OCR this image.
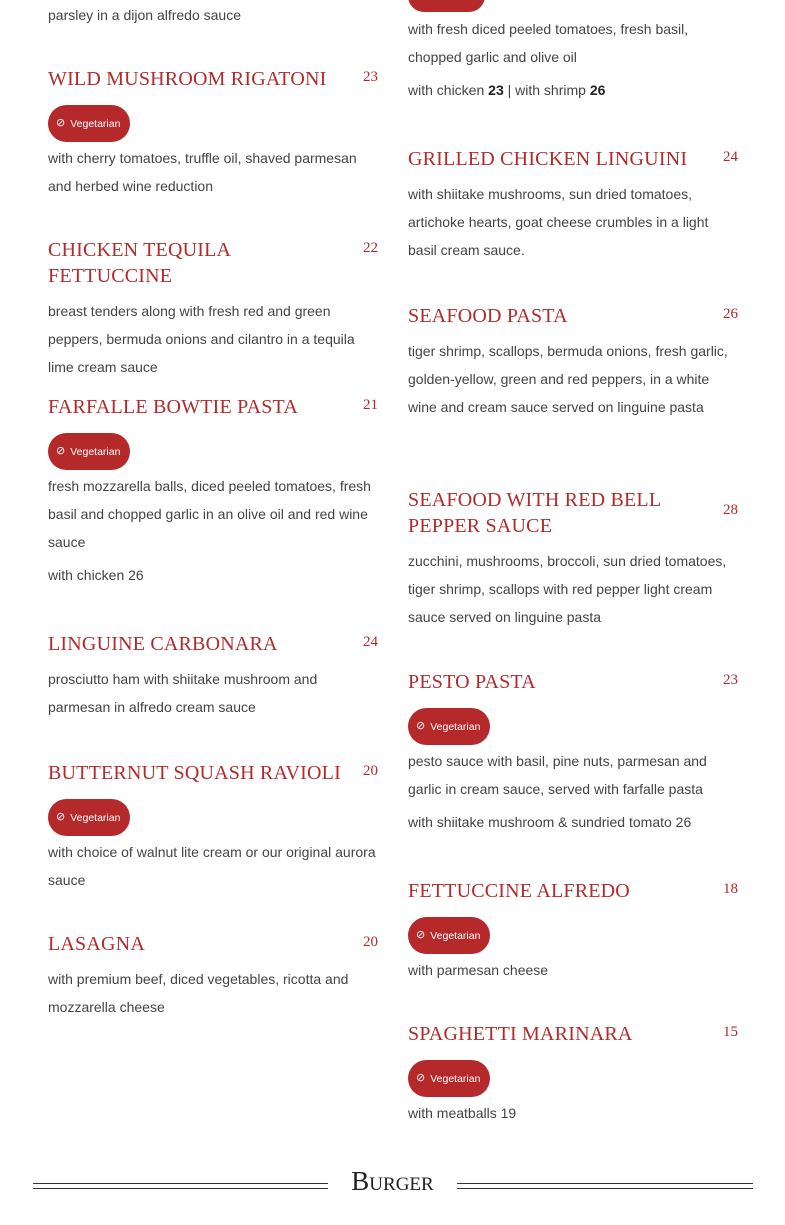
parsley in a dijon alfredo sauce

with fresh diced peeled tomatoes, fresh basil, chopped garlic and olive oil

with chicken 23 | with shrimp 26

WILD MUSHROOM RIGATONI 23
⊘ Vegetarian

with cherry tomatoes, truffle oil, shaved parmesan and herbed wine reduction

CHICKEN TEQUILA FETTUCCINE
22

breast tenders along with fresh red and green peppers, bermuda onions and cilantro in a tequila lime cream sauce

FARFALLE BOWTIE PASTA	21
⊘ Vegetarian

fresh mozzarella balls, diced peeled tomatoes, fresh basil and chopped garlic in an olive oil and red wine sauce

with chicken 26

LINGUINE CARBONARA	24

prosciutto ham with shiitake mushroom and parmesan in alfredo cream sauce

BUTTERNUT SQUASH RAVIOLI 20
⊘ Vegetarian

with choice of walnut lite cream or our original aurora sauce

LASAGNA	20

with premium beef, diced vegetables, ricotta and mozzarella cheese

GRILLED CHICKEN LINGUINI 24

with shiitake mushrooms, sun dried tomatoes, artichoke hearts, goat cheese crumbles in a light basil cream sauce.

SEAFOOD PASTA	26

tiger shrimp, scallops, bermuda onions, fresh garlic, golden-yellow, green and red peppers, in a white wine and cream sauce served on linguine pasta

SEAFOOD WITH RED BELL PEPPER SAUCE
28

zucchini, mushrooms, broccoli, sun dried tomatoes, tiger shrimp, scallops with red pepper light cream sauce served on linguine pasta

PESTO PASTA	23
⊘ Vegetarian

pesto sauce with basil, pine nuts, parmesan and garlic in cream sauce, served with farfalle pasta

with shiitake mushroom & sundried tomato 26

FETTUCCINE ALFREDO	18
⊘ Vegetarian

with parmesan cheese

SPAGHETTI MARINARA	15
⊘ Vegetarian

with meatballs 19

Burger
